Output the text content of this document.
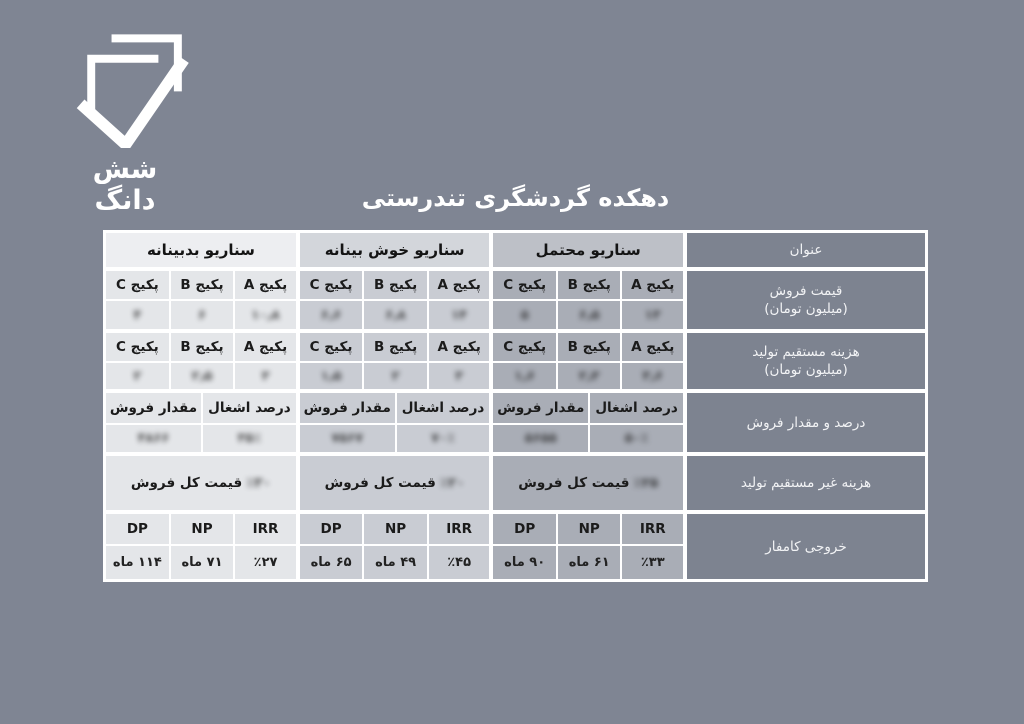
شش دانگ	دهکده گردشگری تندرستی
عنوان	سناریو محتمل				سناریو خوش بینانه				سناریو بدبینانه			

قیمت فروش
(میلیون تومان)	پکیج A	پکیج B		پکیج C	پکیج A	پکیج B		پکیج C	پکیج A	پکیج B		پکیج C
	۱۳	۶٫۵		۵	۱۴	۶٫۸		۶٫۶	۱۰٫۸	۶		۴

هزینه مستقیم تولید
(میلیون تومان)	پکیج A	پکیج B		پکیج C	پکیج A	پکیج B		پکیج C	پکیج A	پکیج B		پکیج C
	۳٫۶	۲٫۳		۱٫۶	۳	۲		۱٫۵	۳	۲٫۵		۲
درصد و مقدار فروش	درصد اشغال		مقدار فروش		درصد اشغال		مقدار فروش		درصد اشغال		مقدار فروش	
	۵۰٪		۵۶۵۵		۷۰٪		۷۵۶۷		۳۵٪		۴۸۶۶	
هزینه غیر مستقیم تولید	٪۲۵قیمت کل فروش				٪۲۰قیمت کل فروش				٪۳۰قیمت کل فروش			
خروجی کامفار	IRR	NP		DP	IRR	NP		DP	IRR	NP		DP
	٪۳۳	۶۱ ماه		۹۰ ماه	٪۴۵	۴۹ ماه		۶۵ ماه	٪۲۷	۷۱ ماه		۱۱۴ ماه
